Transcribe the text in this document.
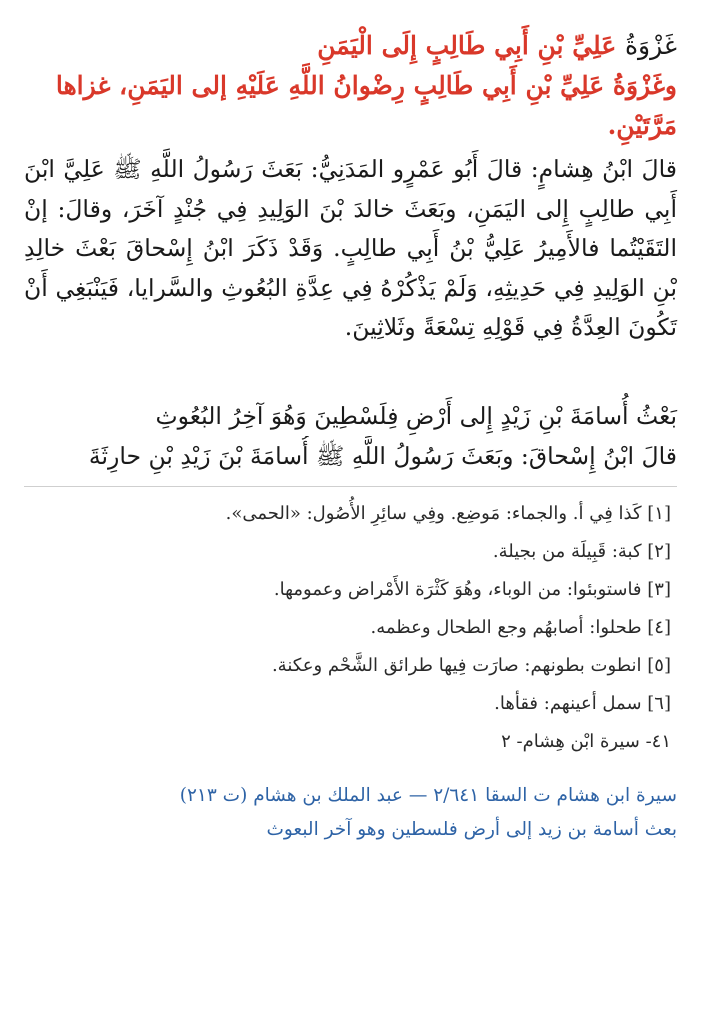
غَزْوَةُ عَلِيِّ بْنِ أَبِي طَالِبٍ إِلَى الْيَمَنِ
وغَزْوَةُ عَلِيِّ بْنِ أَبِي طَالِبٍ رِضْوانُ اللَّهِ عَلَيْهِ إلى اليَمَنِ، غزاها مَرَّتَيْنِ.

قالَ ابْنُ هِشامٍ: قالَ أَبُو عَمْرٍو المَدَنِيُّ: بَعَثَ رَسُولُ اللَّهِ ﷺ عَلِيَّ ابْنَ أَبِي طالِبٍ إِلى اليَمَنِ، وبَعَثَ خالدَ بْنَ الوَلِيدِ فِي جُنْدٍ آخَرَ، وقالَ: إنْ التَقَيْتُما فالأَمِيرُ عَلِيُّ بْنُ أَبِي طالِبٍ. وَقَدْ ذَكَرَ ابْنُ إِسْحاقَ بَعْثَ خالِدِ بْنِ الوَلِيدِ فِي حَدِيثِهِ، وَلَمْ يَذْكُرْهُ فِي عِدَّةِ البُعُوثِ والسَّرايا، فَيَنْبَغِي أَنْ تَكُونَ العِدَّةُ فِي قَوْلِهِ تِسْعَةً وثَلاثِينَ.

بَعْثُ أُسامَةَ بْنِ زَيْدٍ إِلى أَرْضِ فِلَسْطِينَ وَهُوَ آخِرُ البُعُوثِ

قالَ ابْنُ إِسْحاقَ: وبَعَثَ رَسُولُ اللَّهِ ﷺ أُسامَةَ بْنَ زَيْدِ بْنِ حارِثَةَ

[١] كَذا فِي أ. والجماء: مَوضِع. وفِي سائِرِ الأُصُول: «الحمى».
[٢] كبة: قَبِيلَة من بجيلة.
[٣] فاستوبئوا: من الوباء، وهُوَ كَثْرَة الأَمْراض وعمومها.
[٤] طحلوا: أصابهُم وجع الطحال وعظمه.
[٥] انطوت بطونهم: صارَت فِيها طرائق الشَّحْم وعكنة.
[٦] سمل أعينهم: فقأها.

٤١- سيرة ابْن هِشام- ٢

سيرة ابن هشام ت السقا ٢/٦٤١ — عبد الملك بن هشام (ت ٢١٣)

بعث أسامة بن زيد إلى أرض فلسطين وهو آخر البعوث
